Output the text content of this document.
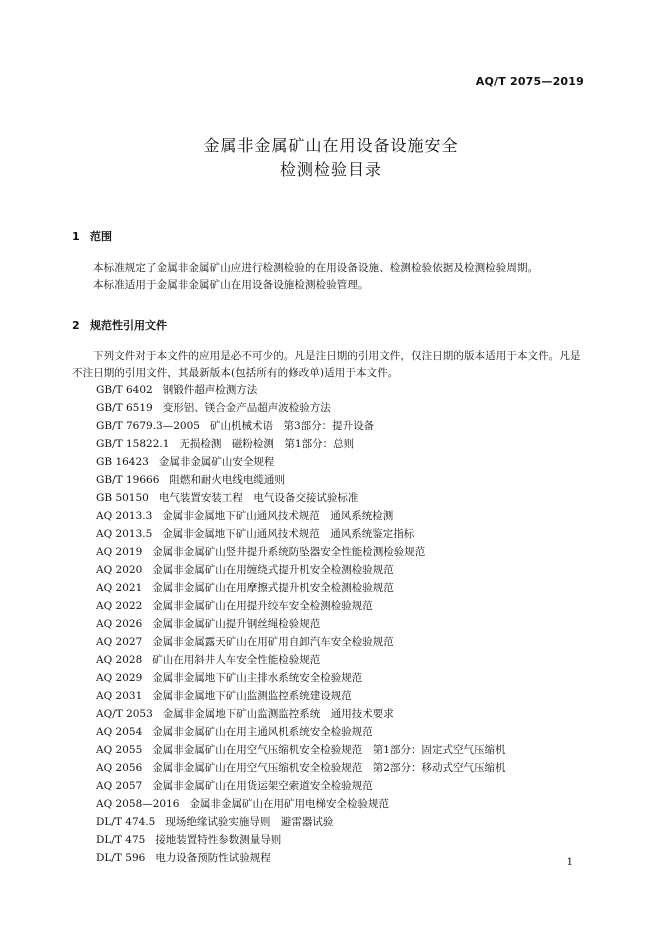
AQ/T 2075—2019
金属非金属矿山在用设备设施安全
检测检验目录
1 范围

本标准规定了金属非金属矿山应进行检测检验的在用设备设施、检测检验依据及检测检验周期。

本标准适用于金属非金属矿山在用设备设施检测检验管理。

2 规范性引用文件

下列文件对于本文件的应用是必不可少的。凡是注日期的引用文件，仅注日期的版本适用于本文件。凡是不注日期的引用文件，其最新版本(包括所有的修改单)适用于本文件。

GB/T 6402 钢锻件超声检测方法
GB/T 6519 变形铝、镁合金产品超声波检验方法
GB/T 7679.3—2005 矿山机械术语　第3部分：提升设备
GB/T 15822.1 无损检测　磁粉检测　第1部分：总则
GB 16423 金属非金属矿山安全规程
GB/T 19666 阻燃和耐火电线电缆通则
GB 50150 电气装置安装工程　电气设备交接试验标准
AQ 2013.3 金属非金属地下矿山通风技术规范　通风系统检测
AQ 2013.5 金属非金属地下矿山通风技术规范　通风系统鉴定指标
AQ 2019 金属非金属矿山竖井提升系统防坠器安全性能检测检验规范
AQ 2020 金属非金属矿山在用缠绕式提升机安全检测检验规范
AQ 2021 金属非金属矿山在用摩擦式提升机安全检测检验规范
AQ 2022 金属非金属矿山在用提升绞车安全检测检验规范
AQ 2026 金属非金属矿山提升钢丝绳检验规范
AQ 2027 金属非金属露天矿山在用矿用自卸汽车安全检验规范
AQ 2028 矿山在用斜井人车安全性能检验规范
AQ 2029 金属非金属地下矿山主排水系统安全检验规范
AQ 2031 金属非金属地下矿山监测监控系统建设规范
AQ/T 2053 金属非金属地下矿山监测监控系统　通用技术要求
AQ 2054 金属非金属矿山在用主通风机系统安全检验规范
AQ 2055 金属非金属矿山在用空气压缩机安全检验规范　第1部分：固定式空气压缩机
AQ 2056 金属非金属矿山在用空气压缩机安全检验规范　第2部分：移动式空气压缩机
AQ 2057 金属非金属矿山在用货运架空索道安全检验规范
AQ 2058—2016 金属非金属矿山在用矿用电梯安全检验规范
DL/T 474.5 现场绝缘试验实施导则　避雷器试验
DL/T 475 接地装置特性参数测量导则
DL/T 596 电力设备预防性试验规程	1
